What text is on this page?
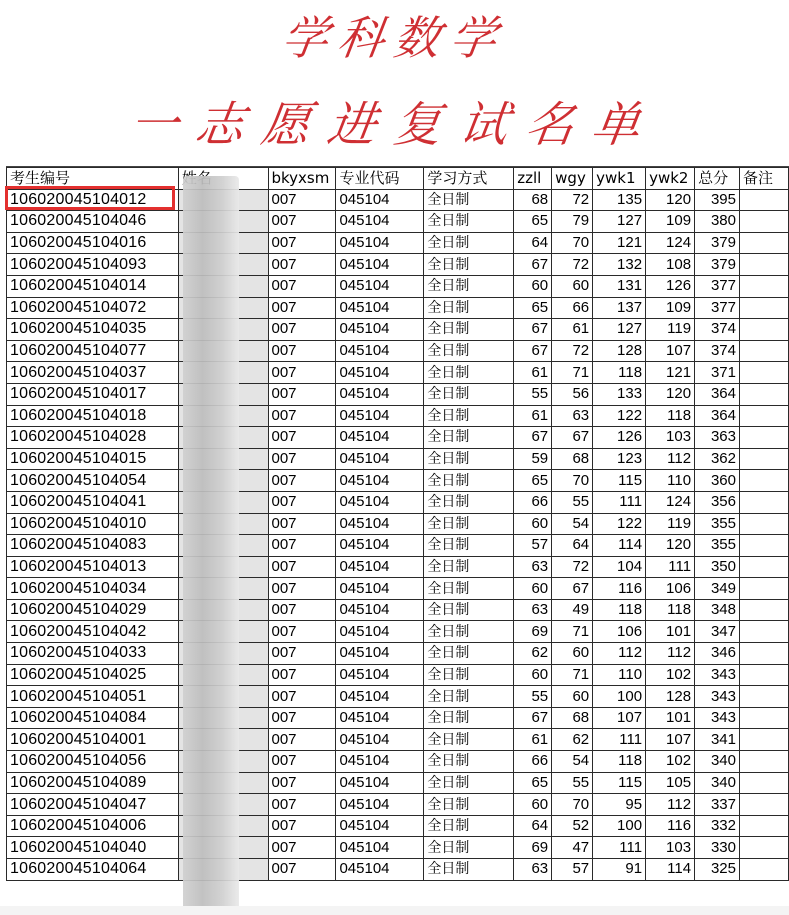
学科数学
一志愿进复试名单
考生编号		bkyxsm	专业代码	学习方式	zzll	wgy	ywk1	ywk2	总分	备注
106020045104012		007	045104	全日制	68	72	135	120	395	
106020045104046		007	045104	全日制	65	79	127	109	380	
106020045104016		007	045104	全日制	64	70	121	124	379	
106020045104093		007	045104	全日制	67	72	132	108	379	
106020045104014		007	045104	全日制	60	60	131	126	377	
106020045104072		007	045104	全日制	65	66	137	109	377	
106020045104035		007	045104	全日制	67	61	127	119	374	
106020045104077		007	045104	全日制	67	72	128	107	374	
106020045104037		007	045104	全日制	61	71	118	121	371	
106020045104017		007	045104	全日制	55	56	133	120	364	
106020045104018		007	045104	全日制	61	63	122	118	364	
106020045104028		007	045104	全日制	67	67	126	103	363	
106020045104015		007	045104	全日制	59	68	123	112	362	
106020045104054		007	045104	全日制	65	70	115	110	360	
106020045104041		007	045104	全日制	66	55	111	124	356	
106020045104010		007	045104	全日制	60	54	122	119	355	
106020045104083		007	045104	全日制	57	64	114	120	355	
106020045104013		007	045104	全日制	63	72	104	111	350	
106020045104034		007	045104	全日制	60	67	116	106	349	
106020045104029		007	045104	全日制	63	49	118	118	348	
106020045104042		007	045104	全日制	69	71	106	101	347	
106020045104033		007	045104	全日制	62	60	112	112	346	
106020045104025		007	045104	全日制	60	71	110	102	343	
106020045104051		007	045104	全日制	55	60	100	128	343	
106020045104084		007	045104	全日制	67	68	107	101	343	
106020045104001		007	045104	全日制	61	62	111	107	341	
106020045104056		007	045104	全日制	66	54	118	102	340	
106020045104089		007	045104	全日制	65	55	115	105	340	
106020045104047		007	045104	全日制	60	70	95	112	337	
106020045104006		007	045104	全日制	64	52	100	116	332	
106020045104040		007	045104	全日制	69	47	111	103	330	
106020045104064		007	045104	全日制	63	57	91	114	325	
